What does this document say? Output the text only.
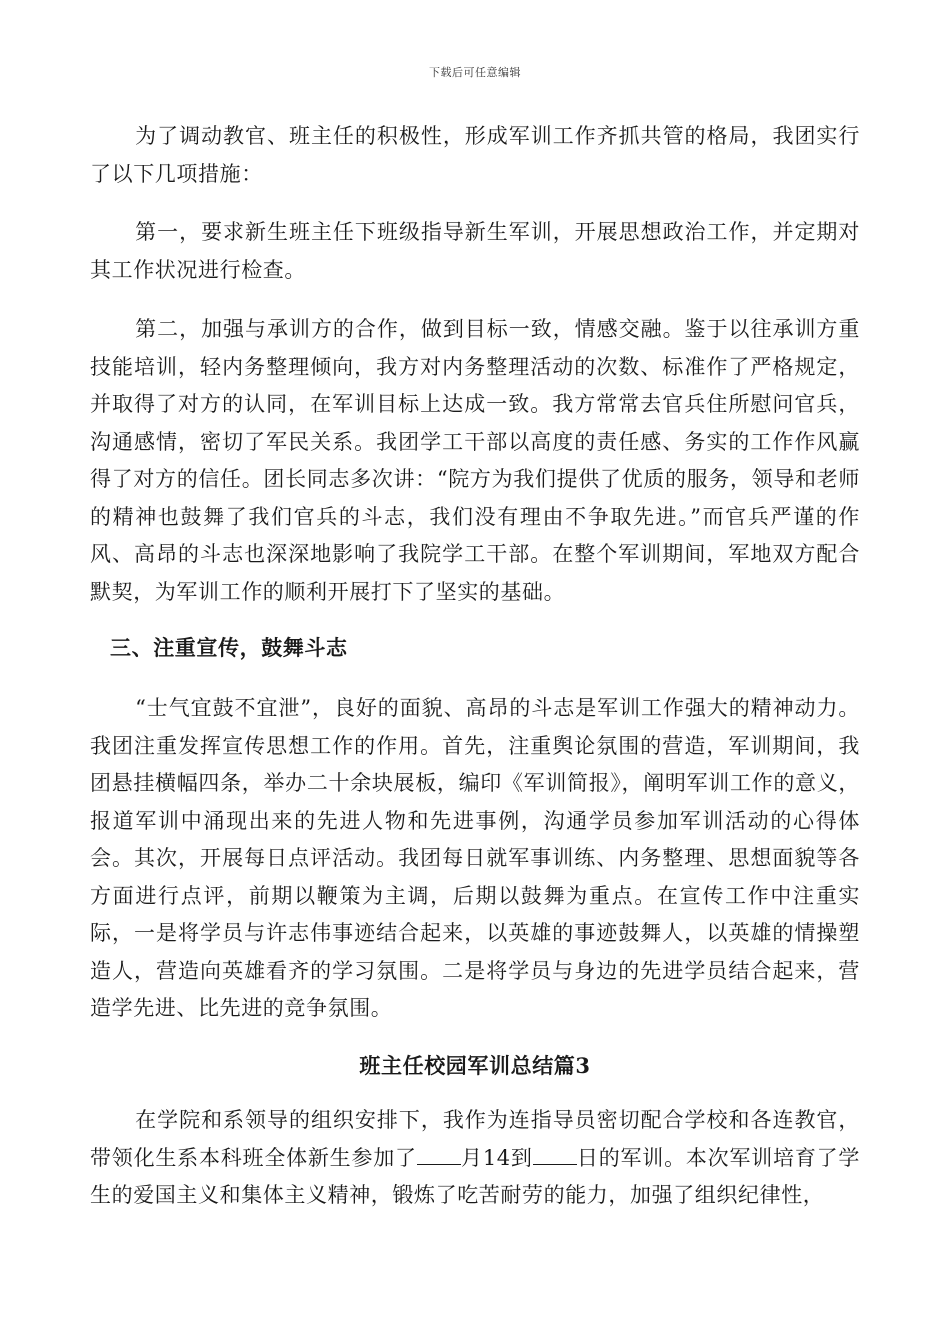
下载后可任意编辑

为了调动教官、班主任的积极性，形成军训工作齐抓共管的格局，我团实行了以下几项措施：

第一，要求新生班主任下班级指导新生军训，开展思想政治工作，并定期对其工作状况进行检查。

第二，加强与承训方的合作，做到目标一致，情感交融。鉴于以往承训方重技能培训，轻内务整理倾向，我方对内务整理活动的次数、标准作了严格规定，并取得了对方的认同，在军训目标上达成一致。我方常常去官兵住所慰问官兵，沟通感情，密切了军民关系。我团学工干部以高度的责任感、务实的工作作风赢得了对方的信任。团长同志多次讲：“院方为我们提供了优质的服务，领导和老师的精神也鼓舞了我们官兵的斗志，我们没有理由不争取先进。”而官兵严谨的作风、高昂的斗志也深深地影响了我院学工干部。在整个军训期间，军地双方配合默契，为军训工作的顺利开展打下了坚实的基础。

三、注重宣传，鼓舞斗志

“士气宜鼓不宜泄”，良好的面貌、高昂的斗志是军训工作强大的精神动力。我团注重发挥宣传思想工作的作用。首先，注重舆论氛围的营造，军训期间，我团悬挂横幅四条，举办二十余块展板，编印《军训简报》，阐明军训工作的意义，报道军训中涌现出来的先进人物和先进事例，沟通学员参加军训活动的心得体会。其次，开展每日点评活动。我团每日就军事训练、内务整理、思想面貌等各方面进行点评，前期以鞭策为主调，后期以鼓舞为重点。在宣传工作中注重实际，一是将学员与许志伟事迹结合起来，以英雄的事迹鼓舞人，以英雄的情操塑造人，营造向英雄看齐的学习氛围。二是将学员与身边的先进学员结合起来，营造学先进、比先进的竞争氛围。

班主任校园军训总结篇3

在学院和系领导的组织安排下，我作为连指导员密切配合学校和各连教官，带领化生系本科班全体新生参加了 月14到 日的军训。本次军训培育了学生的爱国主义和集体主义精神，锻炼了吃苦耐劳的能力，加强了组织纪律性，
